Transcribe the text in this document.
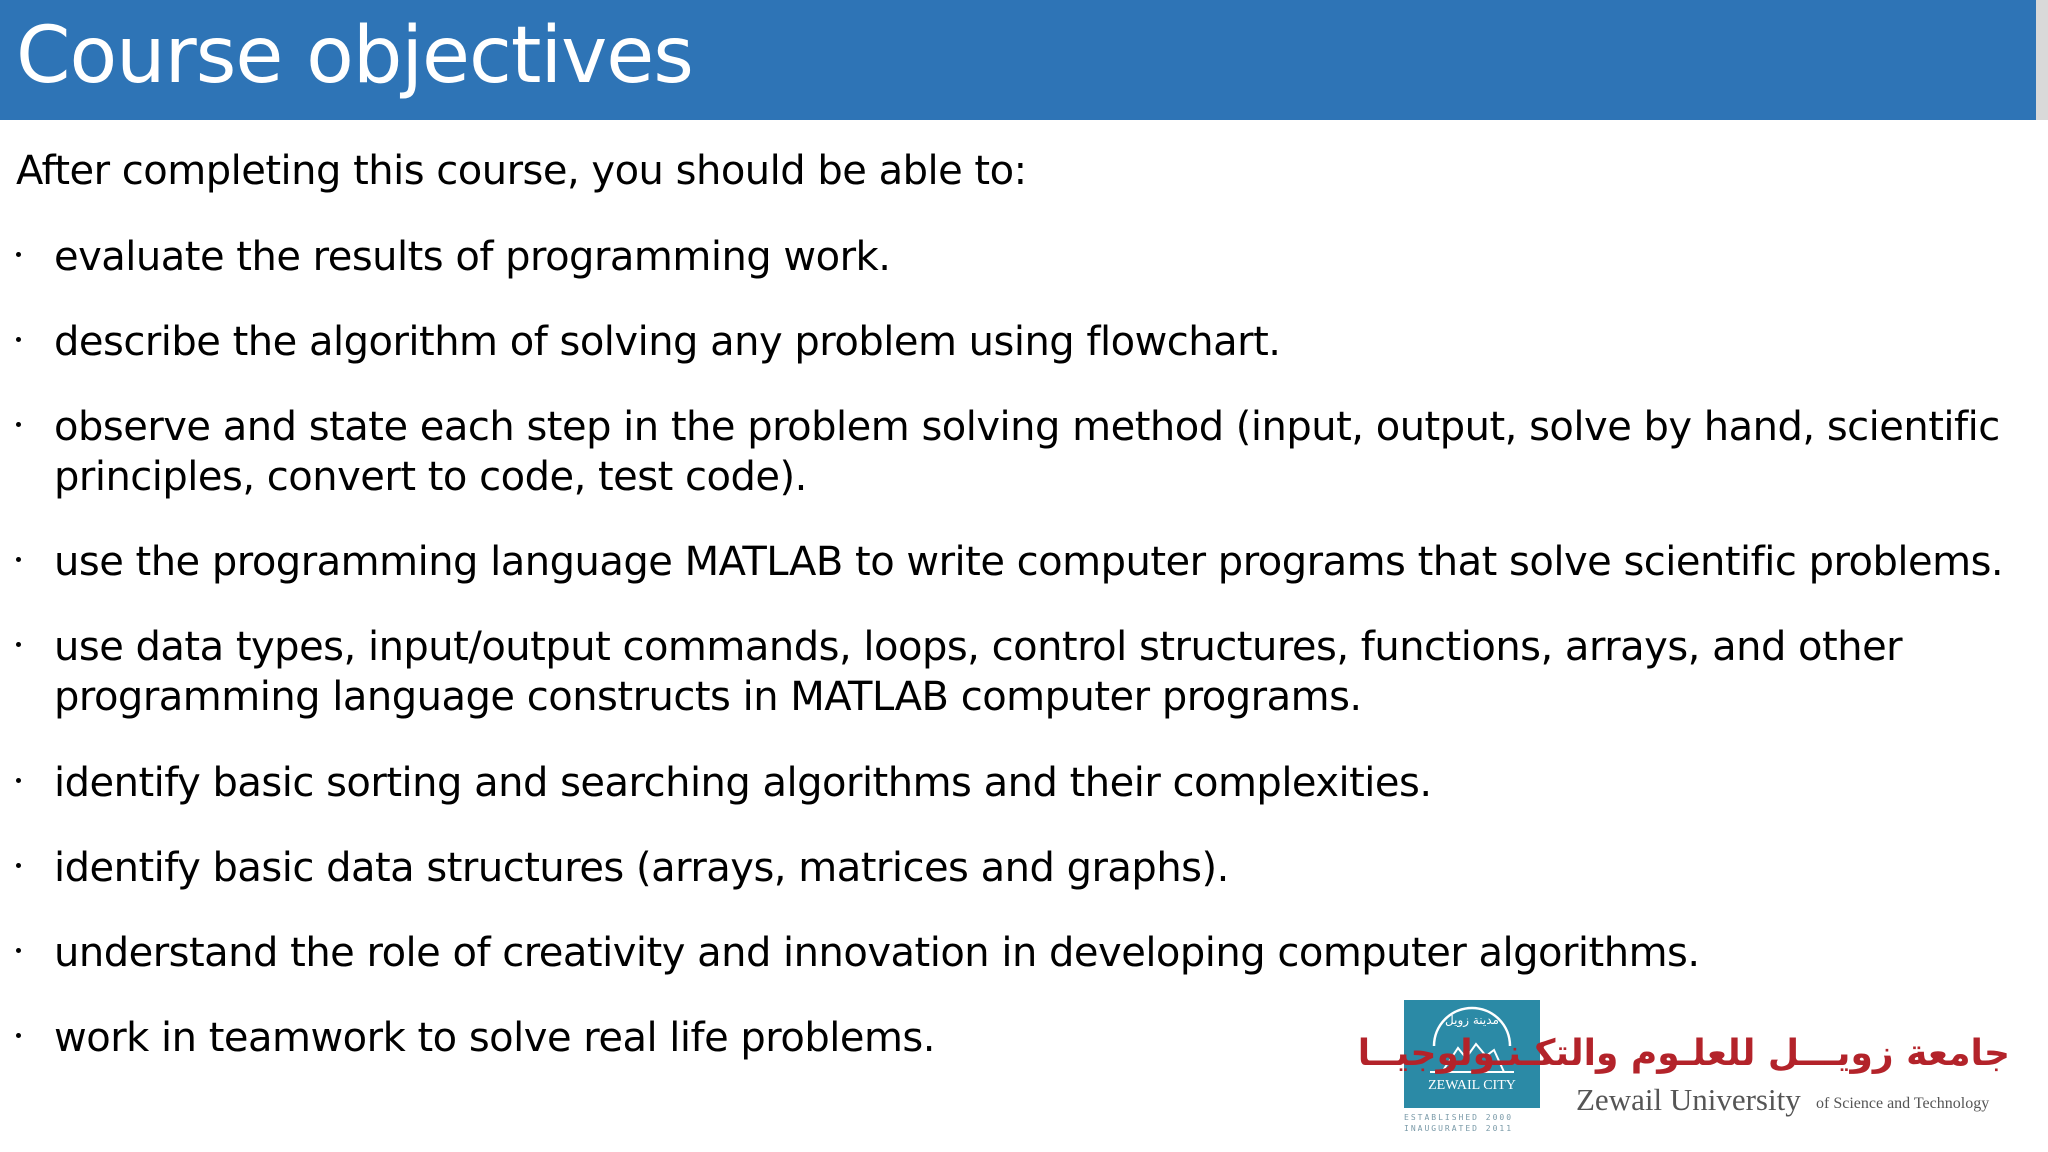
Course objectives

After completing this course, you should be able to:

evaluate the results of programming work.
describe the algorithm of solving any problem using flowchart.
observe and state each step in the problem solving method (input, output, solve by hand, scientific principles, convert to code, test code).
use the programming language MATLAB to write computer programs that solve scientific problems.
use data types, input/output commands, loops, control structures, functions, arrays, and other programming language constructs in MATLAB computer programs.
identify basic sorting and searching algorithms and their complexities.
identify basic data structures (arrays, matrices and graphs).
understand the role of creativity and innovation in developing computer algorithms.
work in teamwork to solve real life problems.	مدينة زويل
ZEWAIL CITY
ESTABLISHED 2000
INAUGURATED 2011
جامعة زويـــل للعلـوم والتكـنـولوجيــا
Zewail University of Science and Technology
